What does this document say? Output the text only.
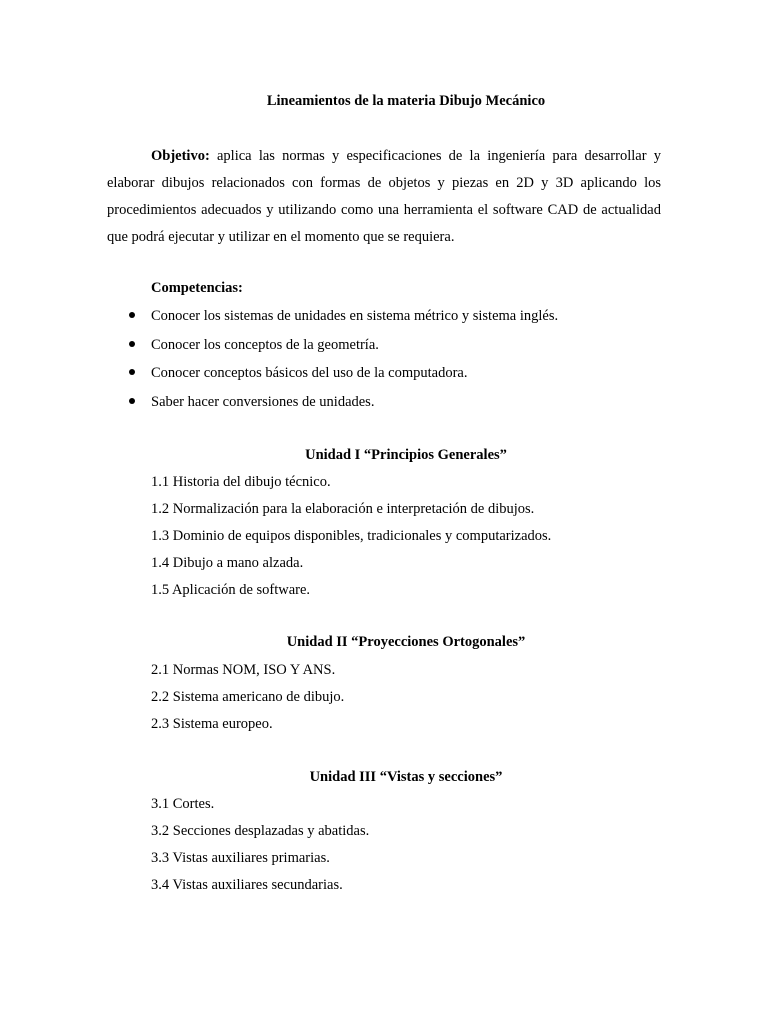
Lineamientos de la materia Dibujo Mecánico

Objetivo: aplica las normas y especificaciones de la ingeniería para desarrollar y elaborar dibujos relacionados con formas de objetos y piezas en 2D y 3D aplicando los procedimientos adecuados y utilizando como una herramienta el software CAD de actualidad que podrá ejecutar y utilizar en el momento que se requiera.

Competencias:
Conocer los sistemas de unidades en sistema métrico y sistema inglés.
Conocer los conceptos de la geometría.
Conocer conceptos básicos del uso de la computadora.
Saber hacer conversiones de unidades.
Unidad I “Principios Generales”
1.1 Historia del dibujo técnico.
1.2 Normalización para la elaboración e interpretación de dibujos.
1.3 Dominio de equipos disponibles, tradicionales y computarizados.
1.4 Dibujo a mano alzada.
1.5 Aplicación de software.
Unidad II “Proyecciones Ortogonales”
2.1 Normas NOM, ISO Y ANS.
2.2 Sistema americano de dibujo.
2.3 Sistema europeo.
Unidad III “Vistas y secciones”
3.1 Cortes.
3.2 Secciones desplazadas y abatidas.
3.3 Vistas auxiliares primarias.
3.4 Vistas auxiliares secundarias.
